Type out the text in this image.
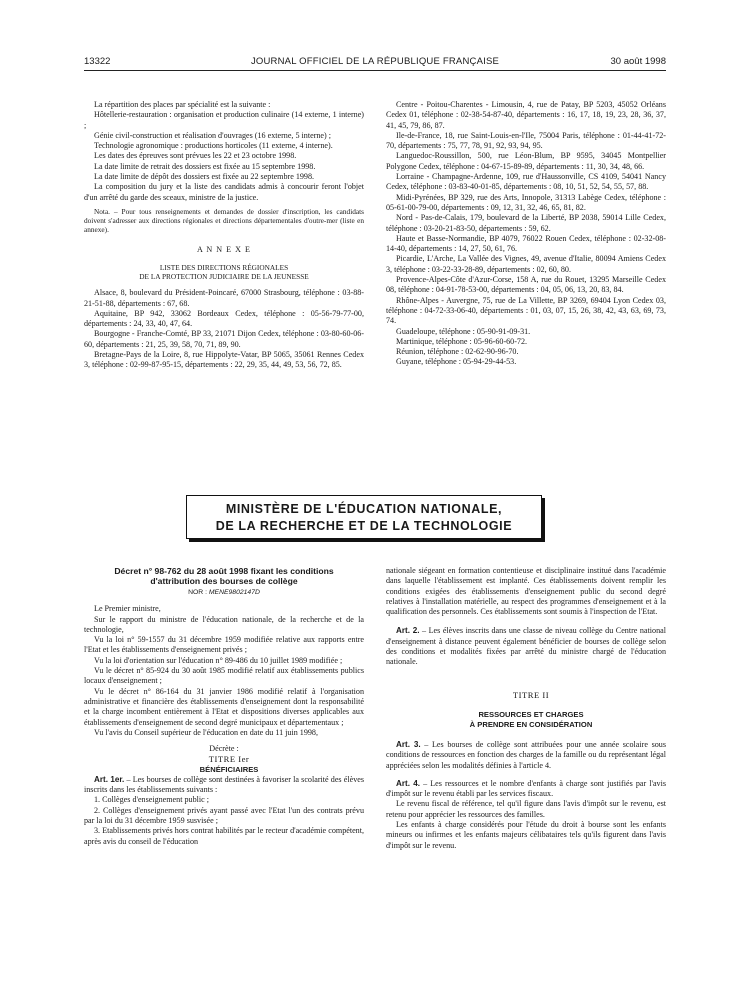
13322	JOURNAL OFFICIEL DE LA RÉPUBLIQUE FRANÇAISE	30 août 1998

La répartition des places par spécialité est la suivante :

Hôtellerie-restauration : organisation et production culinaire (14 externe, 1 interne) ;

Génie civil-construction et réalisation d'ouvrages (16 externe, 5 interne) ;

Technologie agronomique : productions horticoles (11 externe, 4 interne).

Les dates des épreuves sont prévues les 22 et 23 octobre 1998.

La date limite de retrait des dossiers est fixée au 15 septembre 1998.

La date limite de dépôt des dossiers est fixée au 22 septembre 1998.

La composition du jury et la liste des candidats admis à concourir feront l'objet d'un arrêté du garde des sceaux, ministre de la justice.

Nota. – Pour tous renseignements et demandes de dossier d'inscription, les candidats doivent s'adresser aux directions régionales et directions départementales d'outre-mer (liste en annexe).

A N N E X E

LISTE DES DIRECTIONS RÉGIONALES

DE LA PROTECTION JUDICIAIRE DE LA JEUNESSE

Alsace, 8, boulevard du Président-Poincaré, 67000 Strasbourg, téléphone : 03-88-21-51-88, départements : 67, 68.

Aquitaine, BP 942, 33062 Bordeaux Cedex, téléphone : 05-56-79-77-00, départements : 24, 33, 40, 47, 64.

Bourgogne - Franche-Comté, BP 33, 21071 Dijon Cedex, téléphone : 03-80-60-06-60, départements : 21, 25, 39, 58, 70, 71, 89, 90.

Bretagne-Pays de la Loire, 8, rue Hippolyte-Vatar, BP 5065, 35061 Rennes Cedex 3, téléphone : 02-99-87-95-15, départements : 22, 29, 35, 44, 49, 53, 56, 72, 85.

Centre - Poitou-Charentes - Limousin, 4, rue de Patay, BP 5203, 45052 Orléans Cedex 01, téléphone : 02-38-54-87-40, départements : 16, 17, 18, 19, 23, 28, 36, 37, 41, 45, 79, 86, 87.

Ile-de-France, 18, rue Saint-Louis-en-l'Ile, 75004 Paris, téléphone : 01-44-41-72-70, départements : 75, 77, 78, 91, 92, 93, 94, 95.

Languedoc-Roussillon, 500, rue Léon-Blum, BP 9595, 34045 Montpellier Polygone Cedex, téléphone : 04-67-15-89-89, départements : 11, 30, 34, 48, 66.

Lorraine - Champagne-Ardenne, 109, rue d'Haussonville, CS 4109, 54041 Nancy Cedex, téléphone : 03-83-40-01-85, départements : 08, 10, 51, 52, 54, 55, 57, 88.

Midi-Pyrénées, BP 329, rue des Arts, Innopole, 31313 Labège Cedex, téléphone : 05-61-00-79-00, départements : 09, 12, 31, 32, 46, 65, 81, 82.

Nord - Pas-de-Calais, 179, boulevard de la Liberté, BP 2038, 59014 Lille Cedex, téléphone : 03-20-21-83-50, départements : 59, 62.

Haute et Basse-Normandie, BP 4079, 76022 Rouen Cedex, téléphone : 02-32-08-14-40, départements : 14, 27, 50, 61, 76.

Picardie, L'Arche, La Vallée des Vignes, 49, avenue d'Italie, 80094 Amiens Cedex 3, téléphone : 03-22-33-28-89, départements : 02, 60, 80.

Provence-Alpes-Côte d'Azur-Corse, 158 A, rue du Rouet, 13295 Marseille Cedex 08, téléphone : 04-91-78-53-00, départements : 04, 05, 06, 13, 20, 83, 84.

Rhône-Alpes - Auvergne, 75, rue de La Villette, BP 3269, 69404 Lyon Cedex 03, téléphone : 04-72-33-06-40, départements : 01, 03, 07, 15, 26, 38, 42, 43, 63, 69, 73, 74.

Guadeloupe, téléphone : 05-90-91-09-31.

Martinique, téléphone : 05-96-60-60-72.

Réunion, téléphone : 02-62-90-96-70.

Guyane, téléphone : 05-94-29-44-53.

MINISTÈRE DE L'ÉDUCATION NATIONALE,
DE LA RECHERCHE ET DE LA TECHNOLOGIE
Décret n° 98-762 du 28 août 1998 fixant les conditions
d'attribution des bourses de collège
NOR : MENE9802147D

Le Premier ministre,

Sur le rapport du ministre de l'éducation nationale, de la recherche et de la technologie,

Vu la loi n° 59-1557 du 31 décembre 1959 modifiée relative aux rapports entre l'Etat et les établissements d'enseignement privés ;

Vu la loi d'orientation sur l'éducation n° 89-486 du 10 juillet 1989 modifiée ;

Vu le décret n° 85-924 du 30 août 1985 modifié relatif aux établissements publics locaux d'enseignement ;

Vu le décret n° 86-164 du 31 janvier 1986 modifié relatif à l'organisation administrative et financière des établissements d'enseignement dont la responsabilité et la charge incombent entièrement à l'Etat et dispositions diverses applicables aux établissements d'enseignement de second degré municipaux et départementaux ;

Vu l'avis du Conseil supérieur de l'éducation en date du 11 juin 1998,

Décrète :

TITRE Ier

BÉNÉFICIAIRES

Art. 1er. – Les bourses de collège sont destinées à favoriser la scolarité des élèves inscrits dans les établissements suivants :

1. Collèges d'enseignement public ;

2. Collèges d'enseignement privés ayant passé avec l'Etat l'un des contrats prévu par la loi du 31 décembre 1959 susvisée ;

3. Etablissements privés hors contrat habilités par le recteur d'académie compétent, après avis du conseil de l'éducation

nationale siégeant en formation contentieuse et disciplinaire institué dans l'académie dans laquelle l'établissement est implanté. Ces établissements doivent remplir les conditions exigées des établissements d'enseignement public du second degré relatives à l'installation matérielle, au respect des programmes d'enseignement et à la qualification des personnels. Ces établissements sont soumis à l'inspection de l'Etat.

Art. 2. – Les élèves inscrits dans une classe de niveau collège du Centre national d'enseignement à distance peuvent également bénéficier de bourses de collège selon des conditions et modalités fixées par arrêté du ministre chargé de l'éducation nationale.

TITRE II

RESSOURCES ET CHARGES

À PRENDRE EN CONSIDÉRATION

Art. 3. – Les bourses de collège sont attribuées pour une année scolaire sous conditions de ressources en fonction des charges de la famille ou du représentant légal appréciées selon les modalités définies à l'article 4.

Art. 4. – Les ressources et le nombre d'enfants à charge sont justifiés par l'avis d'impôt sur le revenu établi par les services fiscaux.

Le revenu fiscal de référence, tel qu'il figure dans l'avis d'impôt sur le revenu, est retenu pour apprécier les ressources des familles.

Les enfants à charge considérés pour l'étude du droit à bourse sont les enfants mineurs ou infirmes et les enfants majeurs célibataires tels qu'ils figurent dans l'avis d'impôt sur le revenu.
